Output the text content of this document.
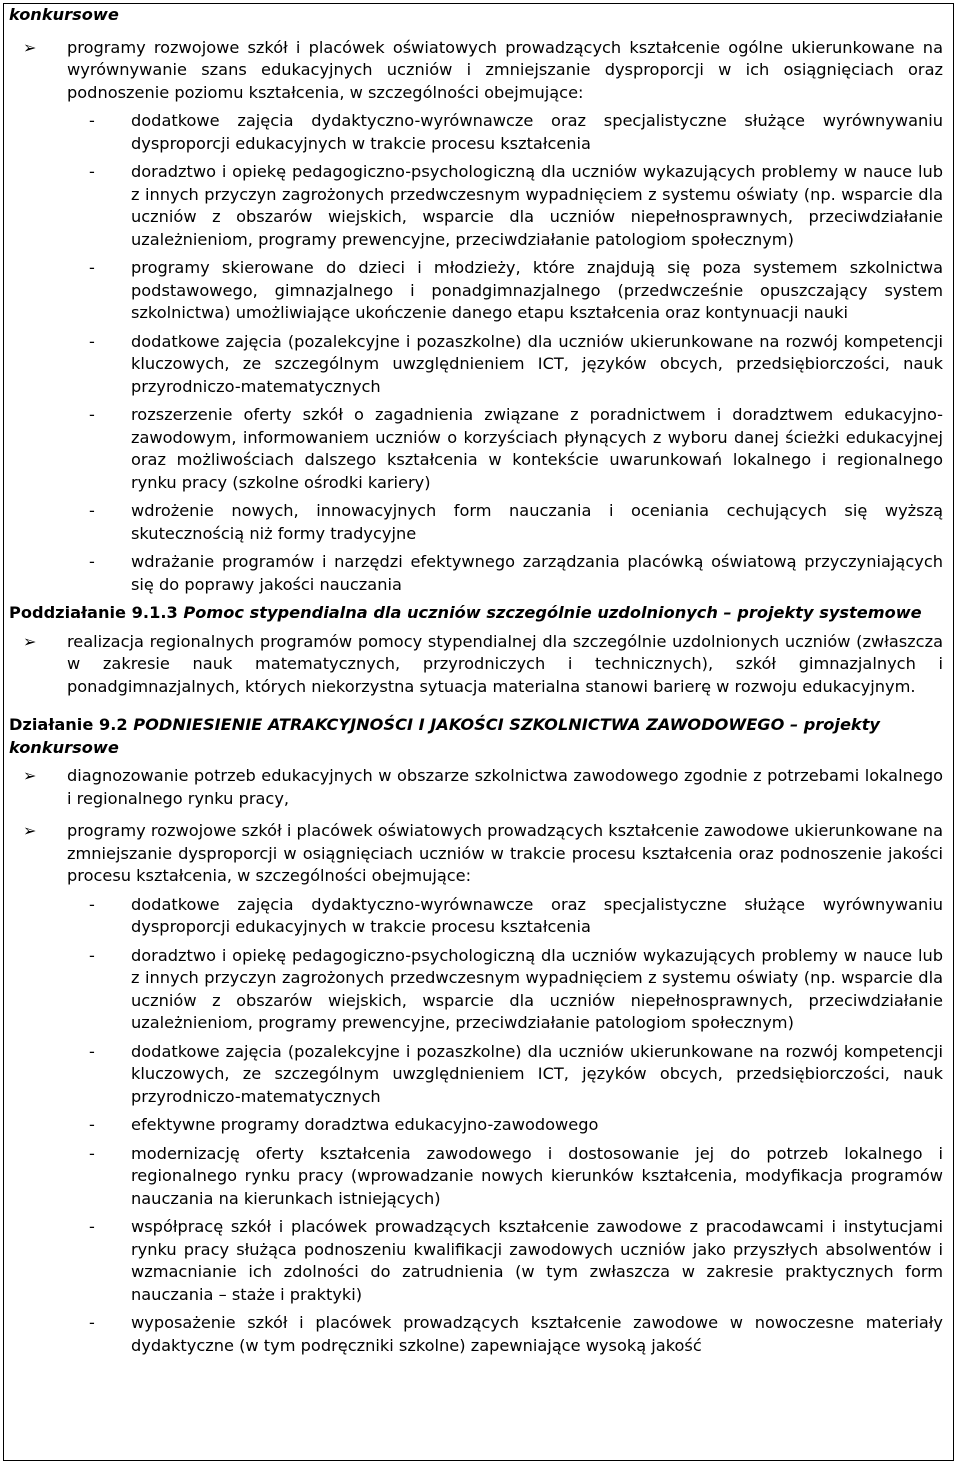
konkursowe
➢ programy rozwojowe szkół i placówek oświatowych prowadzących kształcenie ogólne ukierunkowane na wyrównywanie szans edukacyjnych uczniów i zmniejszanie dysproporcji w ich osiągnięciach oraz podnoszenie poziomu kształcenia, w szczególności obejmujące:
- dodatkowe zajęcia dydaktyczno-wyrównawcze oraz specjalistyczne służące wyrównywaniu dysproporcji edukacyjnych w trakcie procesu kształcenia
- doradztwo i opiekę pedagogiczno-psychologiczną dla uczniów wykazujących problemy w nauce lub z innych przyczyn zagrożonych przedwczesnym wypadnięciem z systemu oświaty (np. wsparcie dla uczniów z obszarów wiejskich, wsparcie dla uczniów niepełnosprawnych, przeciwdziałanie uzależnieniom, programy prewencyjne, przeciwdziałanie patologiom społecznym)
- programy skierowane do dzieci i młodzieży, które znajdują się poza systemem szkolnictwa podstawowego, gimnazjalnego i ponadgimnazjalnego (przedwcześnie opuszczający system szkolnictwa) umożliwiające ukończenie danego etapu kształcenia oraz kontynuacji nauki
- dodatkowe zajęcia (pozalekcyjne i pozaszkolne) dla uczniów ukierunkowane na rozwój kompetencji kluczowych, ze szczególnym uwzględnieniem ICT, języków obcych, przedsiębiorczości, nauk przyrodniczo-matematycznych
- rozszerzenie oferty szkół o zagadnienia związane z poradnictwem i doradztwem edukacyjno-zawodowym, informowaniem uczniów o korzyściach płynących z wyboru danej ścieżki edukacyjnej oraz możliwościach dalszego kształcenia w kontekście uwarunkowań lokalnego i regionalnego rynku pracy (szkolne ośrodki kariery)
- wdrożenie nowych, innowacyjnych form nauczania i oceniania cechujących się wyższą skutecznością niż formy tradycyjne
- wdrażanie programów i narzędzi efektywnego zarządzania placówką oświatową przyczyniających się do poprawy jakości nauczania
Poddziałanie 9.1.3 Pomoc stypendialna dla uczniów szczególnie uzdolnionych – projekty systemowe
➢ realizacja regionalnych programów pomocy stypendialnej dla szczególnie uzdolnionych uczniów (zwłaszcza w zakresie nauk matematycznych, przyrodniczych i technicznych), szkół gimnazjalnych i ponadgimnazjalnych, których niekorzystna sytuacja materialna stanowi barierę w rozwoju edukacyjnym.
Działanie 9.2 PODNIESIENIE ATRAKCYJNOŚCI I JAKOŚCI SZKOLNICTWA ZAWODOWEGO – projekty konkursowe
➢ diagnozowanie potrzeb edukacyjnych w obszarze szkolnictwa zawodowego zgodnie z potrzebami lokalnego i regionalnego rynku pracy,
➢ programy rozwojowe szkół i placówek oświatowych prowadzących kształcenie zawodowe ukierunkowane na zmniejszanie dysproporcji w osiągnięciach uczniów w trakcie procesu kształcenia oraz podnoszenie jakości procesu kształcenia, w szczególności obejmujące:
- dodatkowe zajęcia dydaktyczno-wyrównawcze oraz specjalistyczne służące wyrównywaniu dysproporcji edukacyjnych w trakcie procesu kształcenia
- doradztwo i opiekę pedagogiczno-psychologiczną dla uczniów wykazujących problemy w nauce lub z innych przyczyn zagrożonych przedwczesnym wypadnięciem z systemu oświaty (np. wsparcie dla uczniów z obszarów wiejskich, wsparcie dla uczniów niepełnosprawnych, przeciwdziałanie uzależnieniom, programy prewencyjne, przeciwdziałanie patologiom społecznym)
- dodatkowe zajęcia (pozalekcyjne i pozaszkolne) dla uczniów ukierunkowane na rozwój kompetencji kluczowych, ze szczególnym uwzględnieniem ICT, języków obcych, przedsiębiorczości, nauk przyrodniczo-matematycznych
- efektywne programy doradztwa edukacyjno-zawodowego
- modernizację oferty kształcenia zawodowego i dostosowanie jej do potrzeb lokalnego i regionalnego rynku pracy (wprowadzanie nowych kierunków kształcenia, modyfikacja programów nauczania na kierunkach istniejących)
- współpracę szkół i placówek prowadzących kształcenie zawodowe z pracodawcami i instytucjami rynku pracy służąca podnoszeniu kwalifikacji zawodowych uczniów jako przyszłych absolwentów i wzmacnianie ich zdolności do zatrudnienia (w tym zwłaszcza w zakresie praktycznych form nauczania – staże i praktyki)
- wyposażenie szkół i placówek prowadzących kształcenie zawodowe w nowoczesne materiały dydaktyczne (w tym podręczniki szkolne) zapewniające wysoką jakość
